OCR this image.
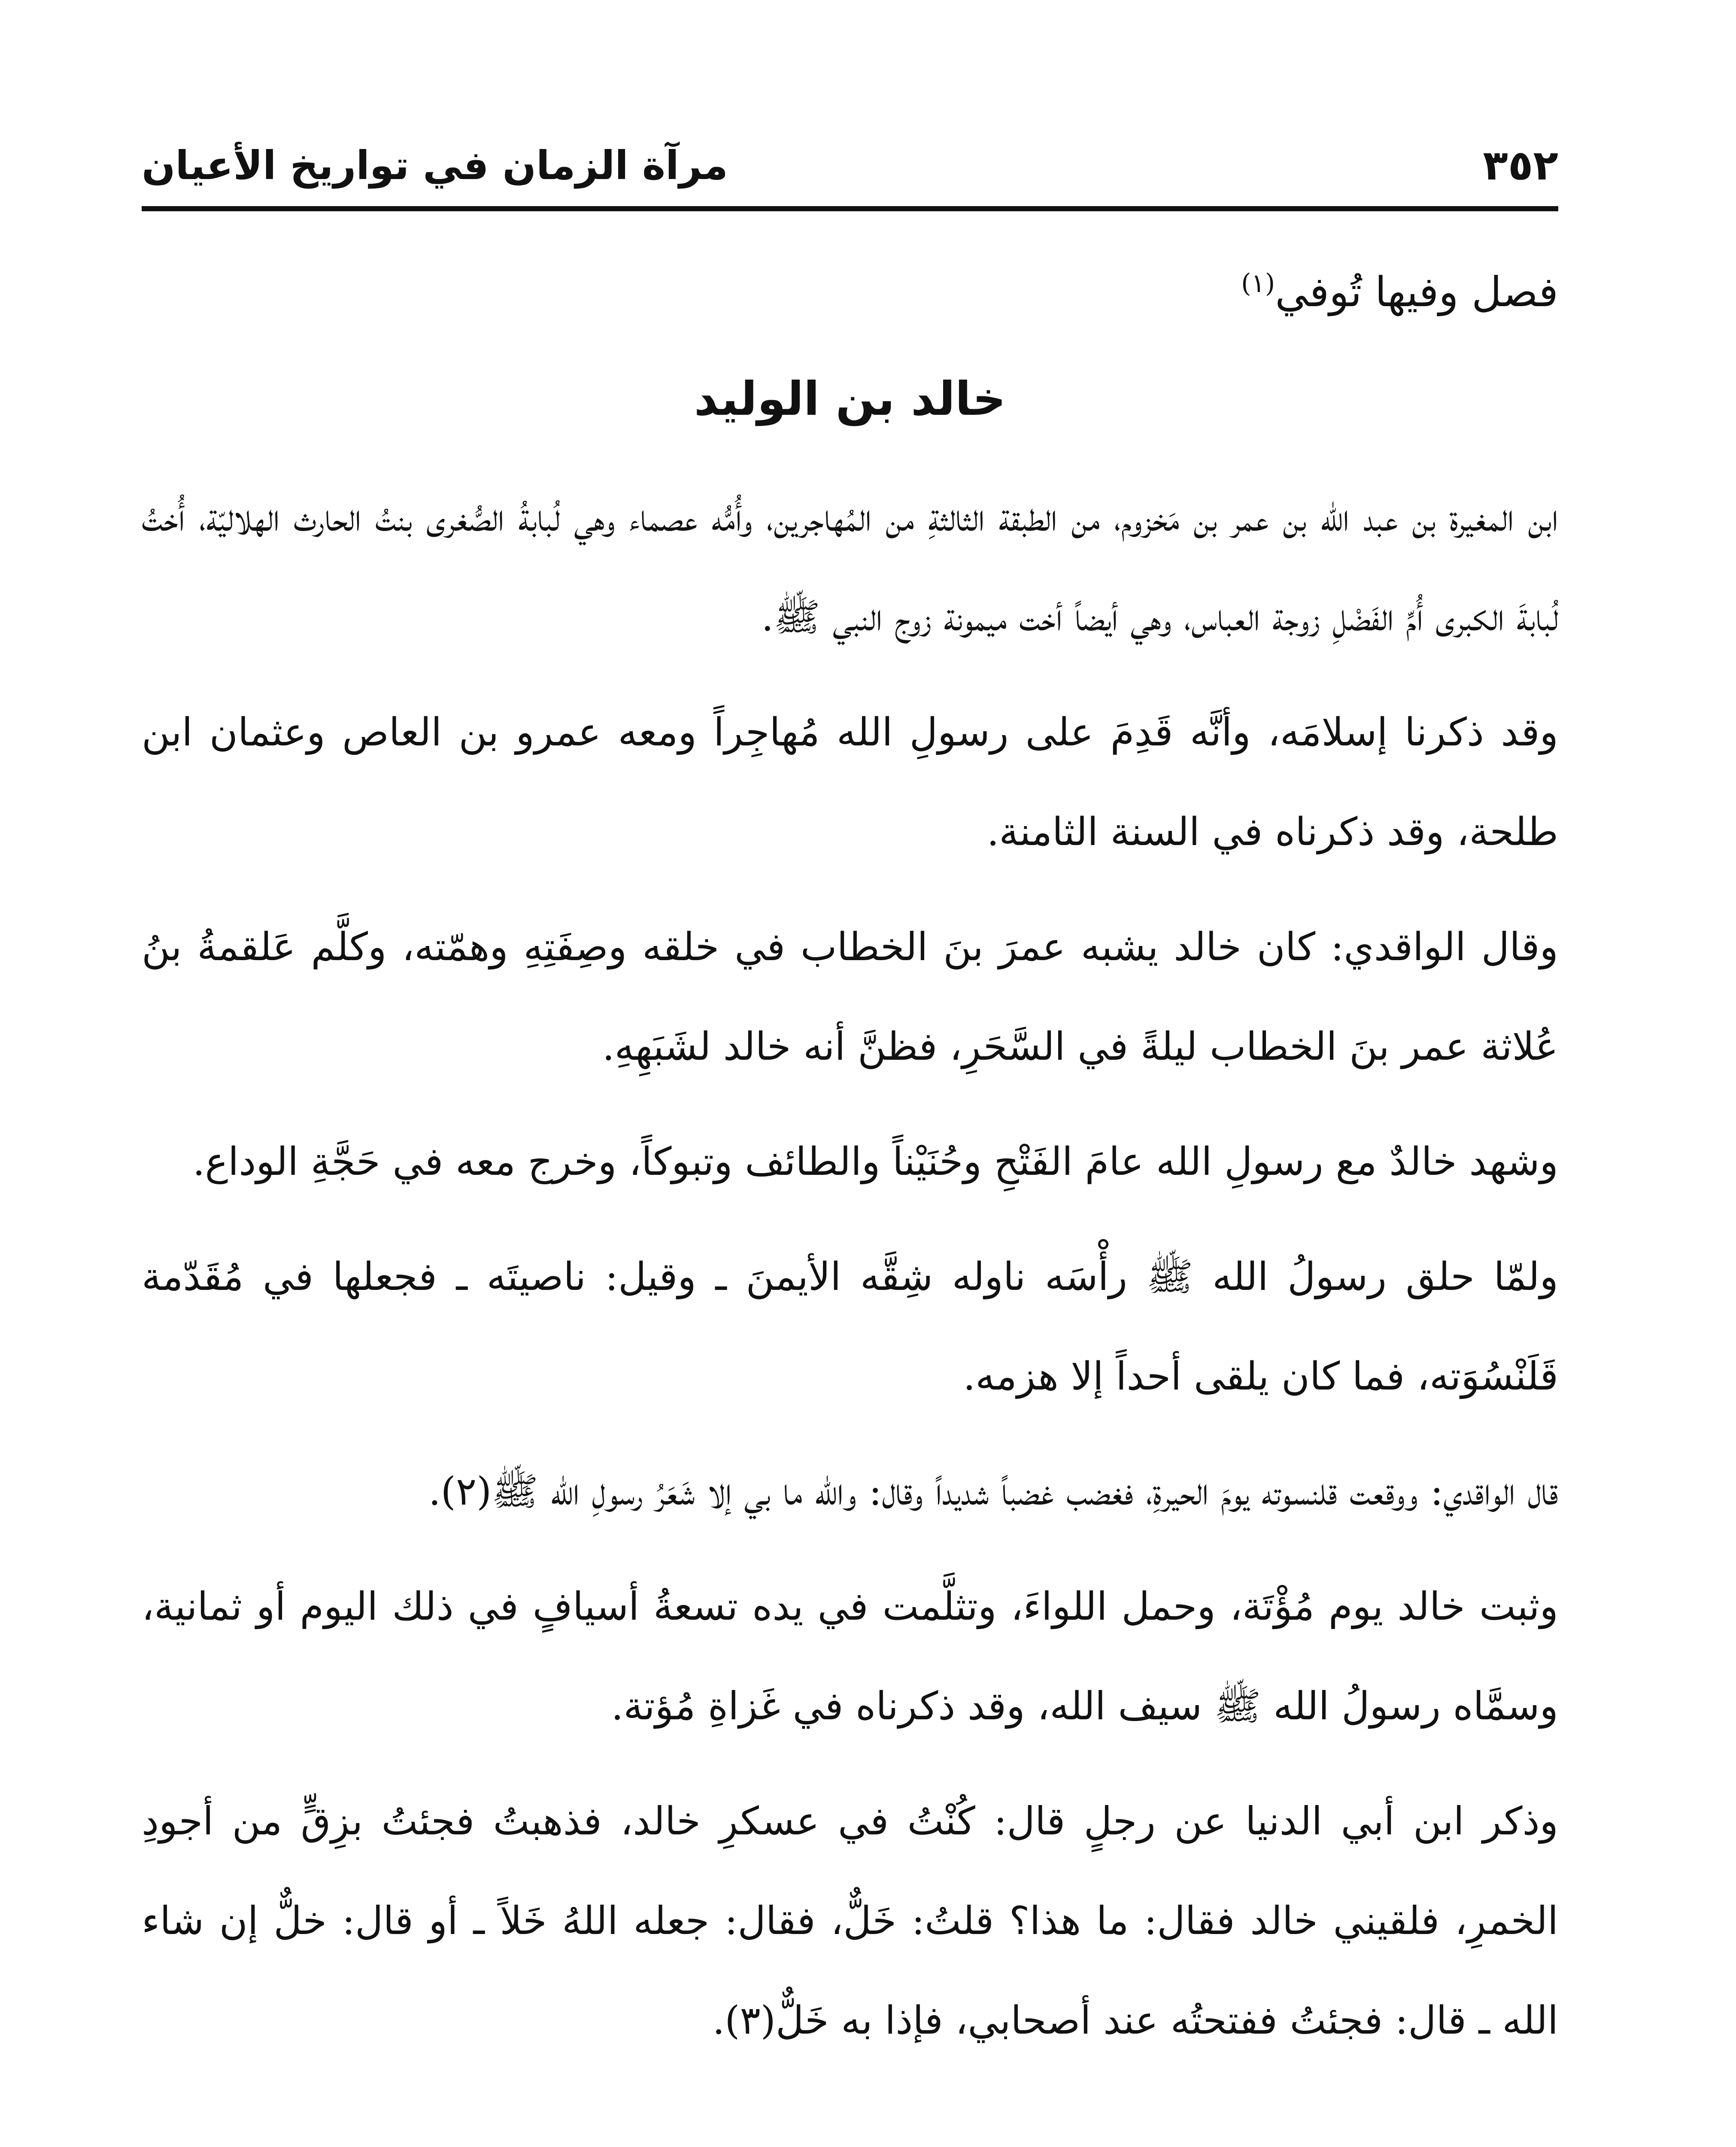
٣٥٢
مرآة الزمان في تواريخ الأعيان
فصل وفيها تُوفي$^{(١)}$
خالد بن الوليد

ابن المغيرة بن عبد الله بن عمر بن مَخزوم، من الطبقة الثالثةِ من المُهاجرين، وأُمُّه عصماء وهي لُبابةُ الصُّغرى بنتُ الحارث الهلاليّة، أُختُ لُبابةَ الكبرى أُمِّ الفَضْلِ زوجة العباس، وهي أيضاً أخت ميمونة زوج النبي ﷺ.

وقد ذكرنا إسلامَه، وأنَّه قَدِمَ على رسولِ الله مُهاجِراً ومعه عمرو بن العاص وعثمان ابن طلحة، وقد ذكرناه في السنة الثامنة.

وقال الواقدي: كان خالد يشبه عمرَ بنَ الخطاب في خلقه وصِفَتِهِ وهمّته، وكلَّم عَلقمةُ بنُ عُلاثة عمر بنَ الخطاب ليلةً في السَّحَرِ، فظنَّ أنه خالد لشَبَهِهِ.

وشهد خالدٌ مع رسولِ الله عامَ الفَتْحِ وحُنَيْناً والطائف وتبوكاً، وخرج معه في حَجَّةِ الوداع.

ولمّا حلق رسولُ الله ﷺ رأْسَه ناوله شِقَّه الأيمنَ ـ وقيل: ناصيتَه ـ فجعلها في مُقَدّمة قَلَنْسُوَته، فما كان يلقى أحداً إلا هزمه.

قال الواقدي: ووقعت قلنسوته يومَ الحيرةِ، فغضب غضباً شديداً وقال: والله ما بي إلا شَعَرُ رسولِ الله ﷺ(٢).

وثبت خالد يوم مُؤْتَة، وحمل اللواءَ، وتثلَّمت في يده تسعةُ أسيافٍ في ذلك اليوم أو ثمانية، وسمَّاه رسولُ الله ﷺ سيف الله، وقد ذكرناه في غَزاةِ مُؤتة.

وذكر ابن أبي الدنيا عن رجلٍ قال: كُنْتُ في عسكرِ خالد، فذهبتُ فجئتُ بزِقٍّ من أجودِ الخمرِ، فلقيني خالد فقال: ما هذا؟ قلتُ: خَلٌّ، فقال: جعله اللهُ خَلاً ـ أو قال: خلٌّ إن شاء الله ـ قال: فجئتُ ففتحتُه عند أصحابي، فإذا به خَلٌّ(٣).
